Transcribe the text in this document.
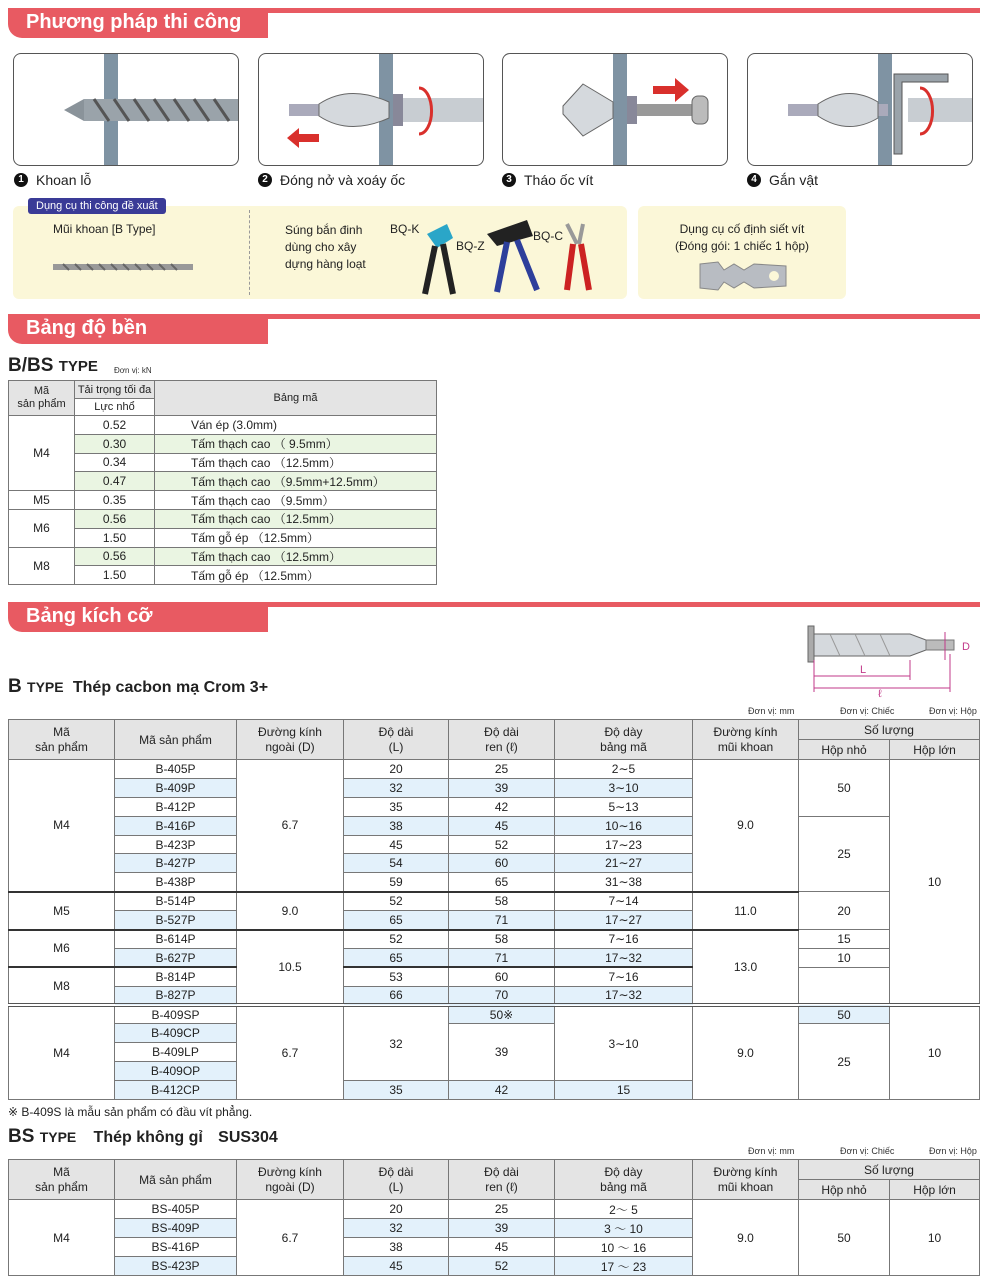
Phương pháp thi công
1 Khoan lỗ	2 Đóng nở và xoáy ốc	3 Tháo ốc vít	4 Gắn vật
Mũi khoan [B Type]	Súng bắn đinh
dùng cho xây
dựng hàng loạt
BQ-K
BQ-Z
BQ-C
Dụng cụ thi công đề xuất
Dụng cụ cố định siết vít
(Đóng gói: 1 chiếc 1 hộp)
Bảng độ bền
B/BS TYPE Đơn vị: kN
Mã
sản phẩm	Tải trọng tối đa	Bảng mã
	Lực nhổ	
M4	0.52	Ván ép (3.0mm)
	0.30	Tấm thạch cao （ 9.5mm）
	0.34	Tấm thạch cao （12.5mm）
	0.47	Tấm thạch cao （9.5mm+12.5mm）
M5	0.35	Tấm thạch cao （9.5mm）
M6	0.56	Tấm thạch cao （12.5mm）
	1.50	Tấm gỗ ép （12.5mm）
M8	0.56	Tấm thạch cao （12.5mm）
	1.50	Tấm gỗ ép （12.5mm）
Bảng kích cỡ
L
ℓ
D
B TYPE Thép cacbon mạ Crom 3+
Đơn vị: mm	Đơn vị: Chiếc	Đơn vị: Hộp
Mã
sản phẩm	Mã sản phẩm	Đường kính
ngoài (D)	Độ dài
(L)	Độ dài
ren (ℓ)	Độ dày
bảng mã	Đường kính
mũi khoan	Số lượng	
							Hộp nhỏ	Hộp lớn
M4	B-405P	6.7	20	25	2∼5	9.0	50	10
	B-409P		32	39	3∼10			
	B-412P		35	42	5∼13			
	B-416P		38	45	10∼16		25	
	B-423P		45	52	17∼23			
	B-427P		54	60	21∼27			
	B-438P		59	65	31∼38			
M5	B-514P	9.0	52	58	7∼14	11.0	20	
	B-527P		65	71	17∼27			
M6	B-614P	10.5	52	58	7∼16	13.0	15	
	B-627P		65	71	17∼32		10	
M8	B-814P		53	60	7∼16			
	B-827P		66	70	17∼32			
M4	B-409SP	6.7	32	50※	3∼10	9.0	50	10
	B-409CP			39			25	
	B-409LP							
	B-409OP							
	B-412CP		35	42	15			
※ B-409S là mẫu sản phẩm có đầu vít phẳng.
BS TYPE Thép không gỉ SUS304
Đơn vị: mm	Đơn vị: Chiếc	Đơn vị: Hộp
Mã
sản phẩm	Mã sản phẩm	Đường kính
ngoài (D)	Độ dài
(L)	Độ dài
ren (ℓ)	Độ dày
bảng mã	Đường kính
mũi khoan	Số lượng	
							Hộp nhỏ	Hộp lớn
M4	BS-405P	6.7	20	25	2～ 5	9.0	50	10
	BS-409P		32	39	3 ～ 10			
	BS-416P		38	45	10 ～ 16			
	BS-423P		45	52	17 ～ 23			
